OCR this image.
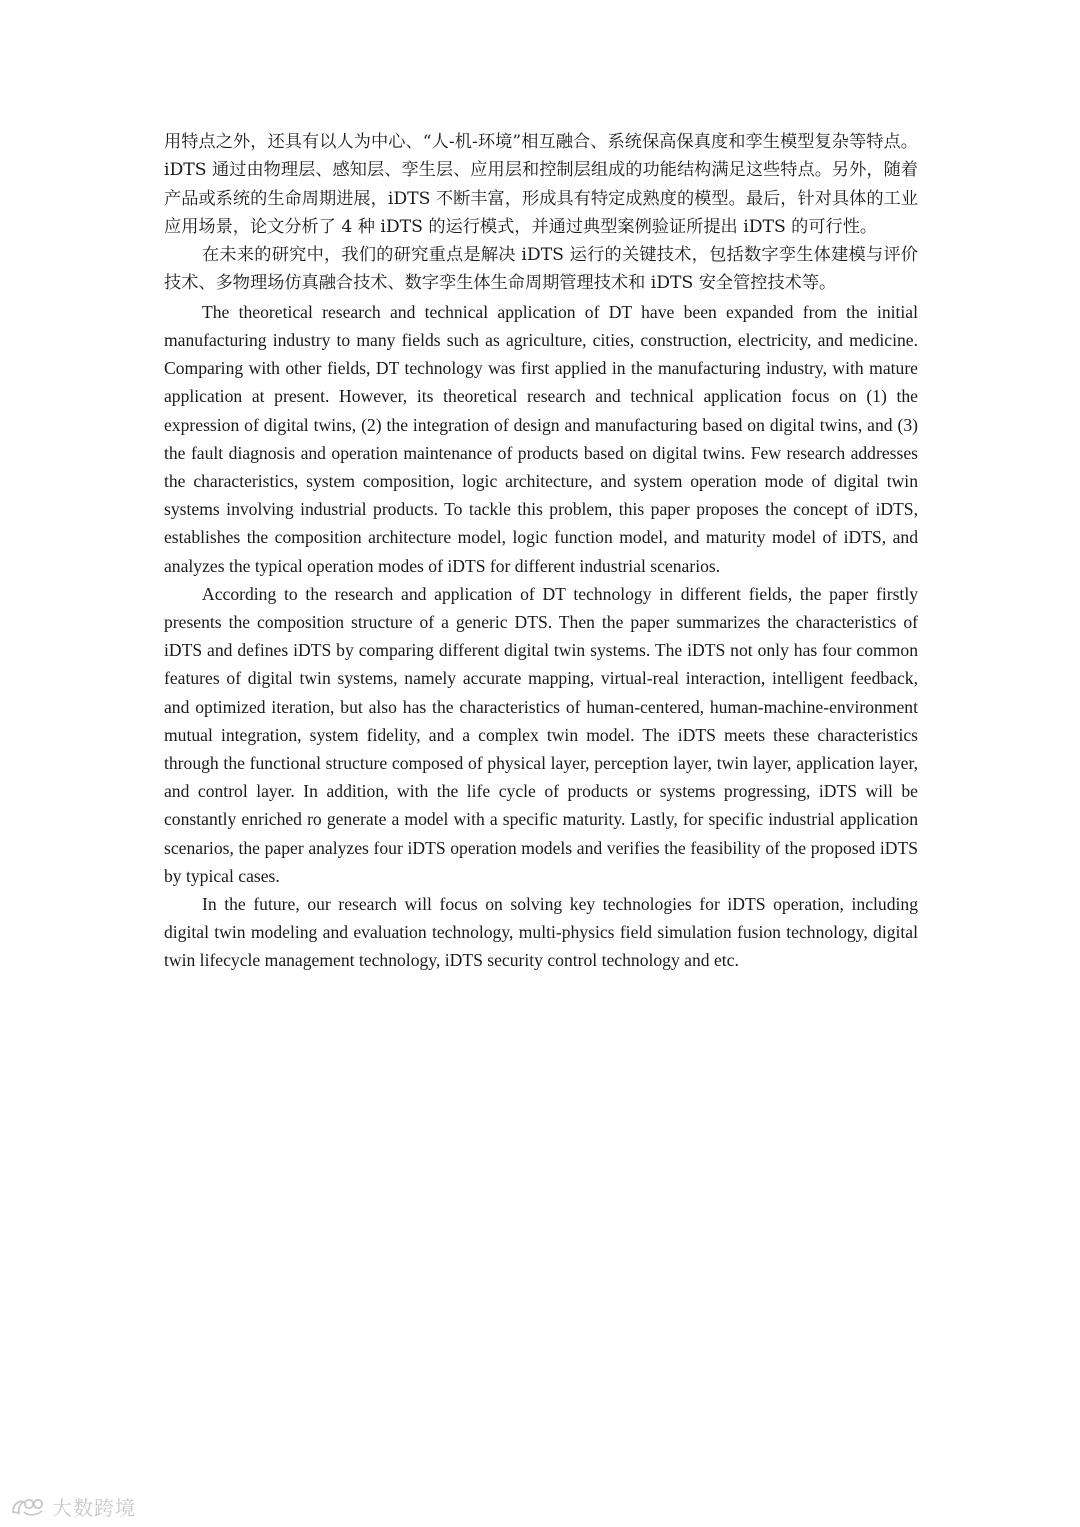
用特点之外，还具有以人为中心、“人-机-环境”相互融合、系统保高保真度和孪生模型复杂等特点。iDTS 通过由物理层、感知层、孪生层、应用层和控制层组成的功能结构满足这些特点。另外，随着产品或系统的生命周期进展，iDTS 不断丰富，形成具有特定成熟度的模型。最后，针对具体的工业应用场景，论文分析了 4 种 iDTS 的运行模式，并通过典型案例验证所提出 iDTS 的可行性。

在未来的研究中，我们的研究重点是解决 iDTS 运行的关键技术，包括数字孪生体建模与评价技术、多物理场仿真融合技术、数字孪生体生命周期管理技术和 iDTS 安全管控技术等。

The theoretical research and technical application of DT have been expanded from the initial manufacturing industry to many fields such as agriculture, cities, construction, electricity, and medicine. Comparing with other fields, DT technology was first applied in the manufacturing industry, with mature application at present. However, its theoretical research and technical application focus on (1) the expression of digital twins, (2) the integration of design and manufacturing based on digital twins, and (3) the fault diagnosis and operation maintenance of products based on digital twins. Few research addresses the characteristics, system composition, logic architecture, and system operation mode of digital twin systems involving industrial products. To tackle this problem, this paper proposes the concept of iDTS, establishes the composition architecture model, logic function model, and maturity model of iDTS, and analyzes the typical operation modes of iDTS for different industrial scenarios.

According to the research and application of DT technology in different fields, the paper firstly presents the composition structure of a generic DTS. Then the paper summarizes the characteristics of iDTS and defines iDTS by comparing different digital twin systems. The iDTS not only has four common features of digital twin systems, namely accurate mapping, virtual-real interaction, intelligent feedback, and optimized iteration, but also has the characteristics of human-centered, human-machine-environment mutual integration, system fidelity, and a complex twin model. The iDTS meets these characteristics through the functional structure composed of physical layer, perception layer, twin layer, application layer, and control layer. In addition, with the life cycle of products or systems progressing, iDTS will be constantly enriched ro generate a model with a specific maturity. Lastly, for specific industrial application scenarios, the paper analyzes four iDTS operation models and verifies the feasibility of the proposed iDTS by typical cases.

In the future, our research will focus on solving key technologies for iDTS operation, including digital twin modeling and evaluation technology, multi-physics field simulation fusion technology, digital twin lifecycle management technology, iDTS security control technology and etc.

大数跨境
